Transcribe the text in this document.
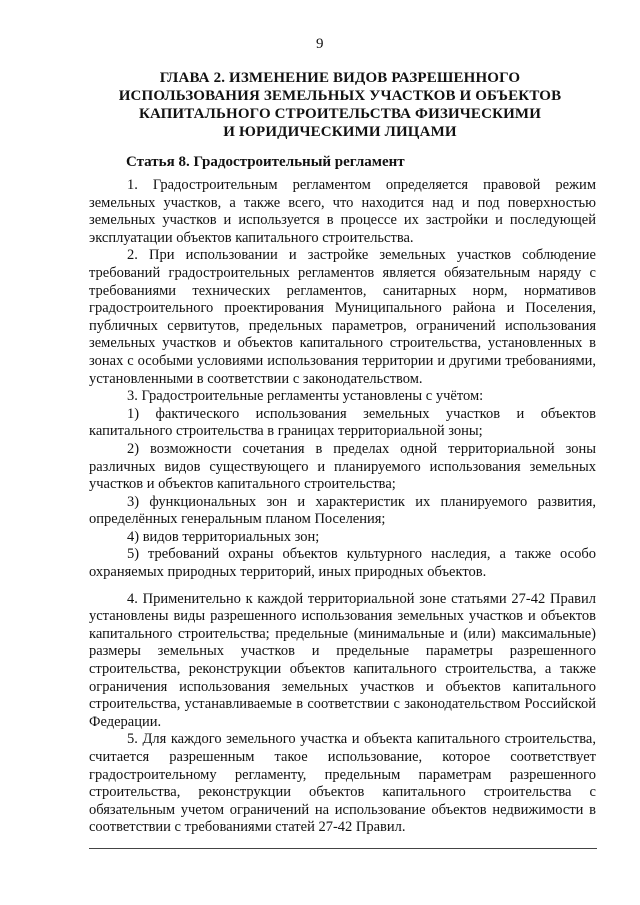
9
ГЛАВА 2. ИЗМЕНЕНИЕ ВИДОВ РАЗРЕШЕННОГО
ИСПОЛЬЗОВАНИЯ ЗЕМЕЛЬНЫХ УЧАСТКОВ И ОБЪЕКТОВ
КАПИТАЛЬНОГО СТРОИТЕЛЬСТВА ФИЗИЧЕСКИМИ
И ЮРИДИЧЕСКИМИ ЛИЦАМИ
Статья 8. Градостроительный регламент

1. Градостроительным регламентом определяется правовой режим земельных участков, а также всего, что находится над и под поверхностью земельных участков и используется в процессе их застройки и последующей эксплуатации объектов капитального строительства.

2. При использовании и застройке земельных участков соблюдение требований градостроительных регламентов является обязательным наряду с требованиями технических регламентов, санитарных норм, нормативов градостроительного проектирования Муниципального района и Поселения, публичных сервитутов, предельных параметров, ограничений использования земельных участков и объектов капитального строительства, установленных в зонах с особыми условиями использования территории и другими требованиями, установленными в соответствии с законодательством.

3. Градостроительные регламенты установлены с учётом:

1) фактического использования земельных участков и объектов капитального строительства в границах территориальной зоны;

2) возможности сочетания в пределах одной территориальной зоны различных видов существующего и планируемого использования земельных участков и объектов капитального строительства;

3) функциональных зон и характеристик их планируемого развития, определённых генеральным планом Поселения;

4) видов территориальных зон;

5) требований охраны объектов культурного наследия, а также особо охраняемых природных территорий, иных природных объектов.

4. Применительно к каждой территориальной зоне статьями 27-42 Правил установлены виды разрешенного использования земельных участков и объектов капитального строительства; предельные (минимальные и (или) максимальные) размеры земельных участков и предельные параметры разрешенного строительства, реконструкции объектов капитального строительства, а также ограничения использования земельных участков и объектов капитального строительства, устанавливаемые в соответствии с законодательством Российской Федерации.

5. Для каждого земельного участка и объекта капитального строительства, считается разрешенным такое использование, которое соответствует градостроительному регламенту, предельным параметрам разрешенного строительства, реконструкции объектов капитального строительства с обязательным учетом ограничений на использование объектов недвижимости в соответствии с требованиями статей 27-42 Правил.
